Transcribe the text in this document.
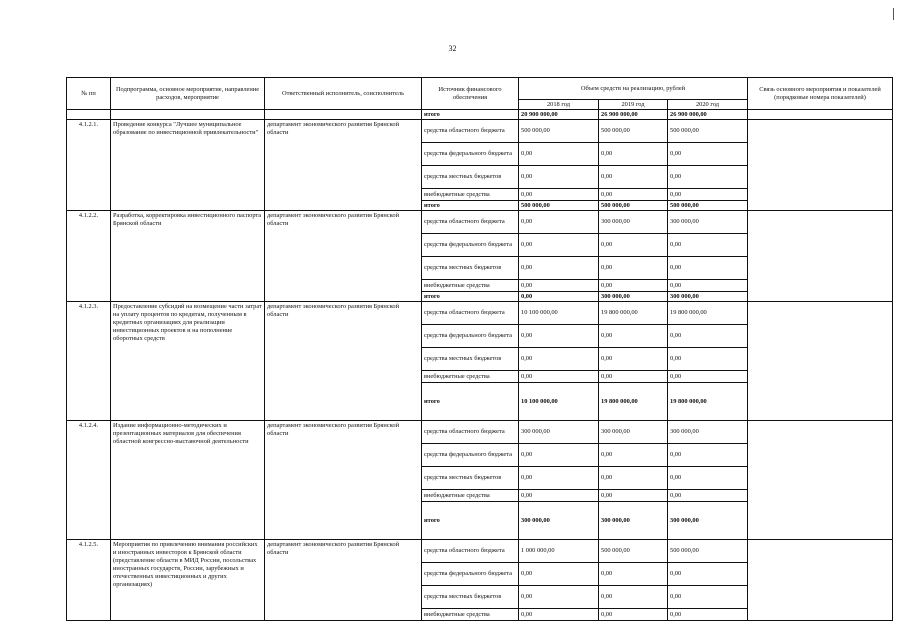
32
№ пп	Подпрограмма, основное мероприятие, направление расходов, мероприятие	Ответственный исполнитель, соисполнитель	Источник финансового обеспечения	Объем средств на реализацию, рублей			Связь основного мероприятия и показателей (порядковые номера показателей)
				2018 год	2019 год	2020 год	
			итого	20 900 000,00	26 900 000,00	26 900 000,00	
4.1.2.1.	Проведение конкурса "Лучшее муниципальное образование по инвестиционной привлекательности"	департамент экономического развития Брянской области	средства областного бюджета	500 000,00	500 000,00	500 000,00	
			средства федерального бюджета	0,00	0,00	0,00	
			средства местных бюджетов	0,00	0,00	0,00	
			внебюджетные средства	0,00	0,00	0,00	
			итого	500 000,00	500 000,00	500 000,00	
4.1.2.2.	Разработка, корректировка инвестиционного паспорта Брянской области	департамент экономического развития Брянской области	средства областного бюджета	0,00	300 000,00	300 000,00	
			средства федерального бюджета	0,00	0,00	0,00	
			средства местных бюджетов	0,00	0,00	0,00	
			внебюджетные средства	0,00	0,00	0,00	
			итого	0,00	300 000,00	300 000,00	
4.1.2.3.	Предоставление субсидий на возмещение части затрат на уплату процентов по кредитам, полученным в кредитных организациях для реализации инвестиционных проектов и на пополнение оборотных средств	департамент экономического развития Брянской области	средства областного бюджета	10 100 000,00	19 800 000,00	19 800 000,00	
			средства федерального бюджета	0,00	0,00	0,00	
			средства местных бюджетов	0,00	0,00	0,00	
			внебюджетные средства	0,00	0,00	0,00	
			итого	10 100 000,00	19 800 000,00	19 800 000,00	
4.1.2.4.	Издание информационно-методических и презентационных материалов для обеспечения областной конгрессно-выставочной деятельности	департамент экономического развития Брянской области	средства областного бюджета	300 000,00	300 000,00	300 000,00	
			средства федерального бюджета	0,00	0,00	0,00	
			средства местных бюджетов	0,00	0,00	0,00	
			внебюджетные средства	0,00	0,00	0,00	
			итого	300 000,00	300 000,00	300 000,00	
4.1.2.5.	Мероприятия по привлечению внимания российских и иностранных инвесторов к Брянской области (представление области в МИД России, посольствах иностранных государств, России, зарубежных и отечественных инвестиционных и других организациях)	департамент экономического развития Брянской области	средства областного бюджета	1 000 000,00	500 000,00	500 000,00	
			средства федерального бюджета	0,00	0,00	0,00	
			средства местных бюджетов	0,00	0,00	0,00	
			внебюджетные средства	0,00	0,00	0,00	
